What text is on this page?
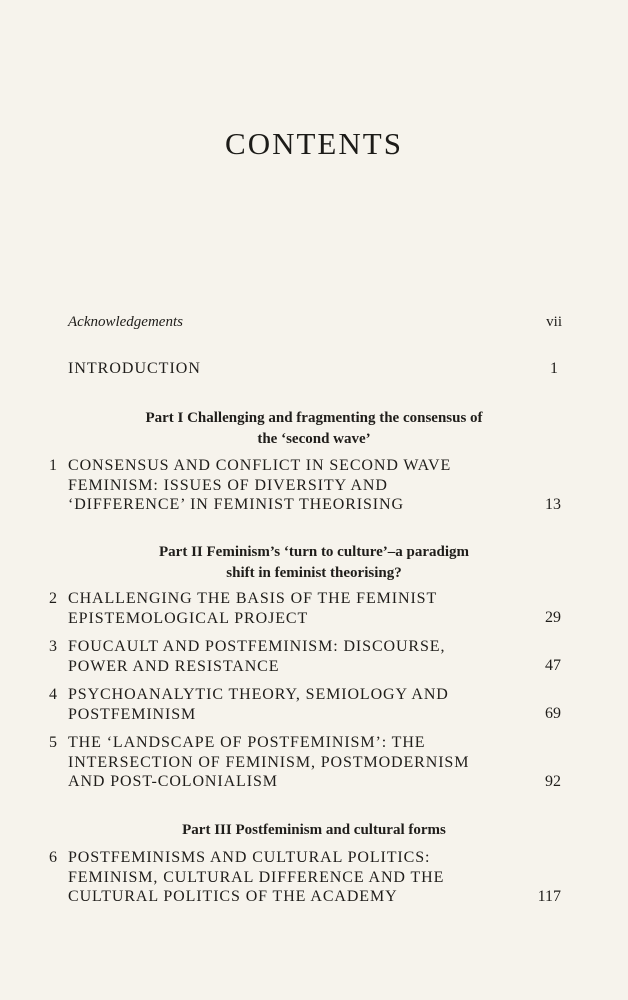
CONTENTS
Acknowledgements	vii
INTRODUCTION	1
Part I Challenging and fragmenting the consensus of
the ‘second wave’
1 CONSENSUS AND CONFLICT IN SECOND WAVE
FEMINISM: ISSUES OF DIVERSITY AND
‘DIFFERENCE’ IN FEMINIST THEORISING	13
Part II Feminism’s ‘turn to culture’–a paradigm
shift in feminist theorising?
2 CHALLENGING THE BASIS OF THE FEMINIST
EPISTEMOLOGICAL PROJECT	29
3 FOUCAULT AND POSTFEMINISM: DISCOURSE,
POWER AND RESISTANCE	47
4 PSYCHOANALYTIC THEORY, SEMIOLOGY AND
POSTFEMINISM	69
5 THE ‘LANDSCAPE OF POSTFEMINISM’: THE
INTERSECTION OF FEMINISM, POSTMODERNISM
AND POST-COLONIALISM	92
Part III Postfeminism and cultural forms
6 POSTFEMINISMS AND CULTURAL POLITICS:
FEMINISM, CULTURAL DIFFERENCE AND THE
CULTURAL POLITICS OF THE ACADEMY	117
